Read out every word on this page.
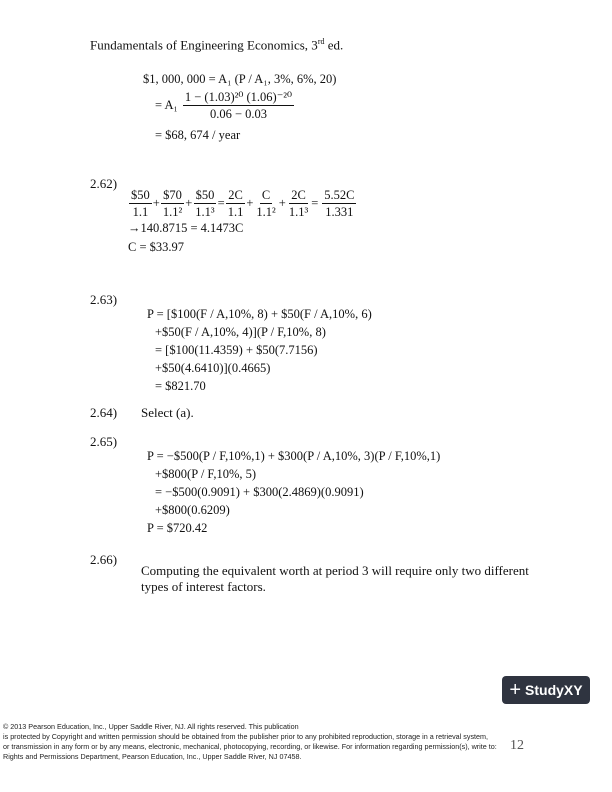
Fundamentals of Engineering Economics, 3rd ed.
$1, 000, 000 = A₁ (P / A₁, 3%, 6%, 20)
= $A_1 \frac{\text{1 − (1.03)²⁰ (1.06)⁻²⁰}}{0.06 - 0.03}$
= $68, 674 / year
2.62)
$\frac{\$50}{1.1} + \frac{\$70}{\text{1.1²}} + \frac{\$50}{\text{1.1³}} = \frac{2C}{1.1} + \frac{C}{\text{1.1²}} + \frac{2C}{\text{1.1³}} = \frac{5.52C}{1.331}$
→140.8715 = 4.1473C
C = $33.97
2.63)
P = [$100(F / A,10%, 8) + $50(F / A,10%, 6)
+$50(F / A,10%, 4)](P / F,10%, 8)
= [$100(11.4359) + $50(7.7156)
+$50(4.6410)](0.4665)
= $821.70
2.64) Select (a).
2.65)
P = −$500(P / F,10%,1) + $300(P / A,10%, 3)(P / F,10%,1)
+$800(P / F,10%, 5)
= −$500(0.9091) + $300(2.4869)(0.9091)
+$800(0.6209)
P = $720.42
2.66)
Computing the equivalent worth at period 3 will require only two different
types of interest factors.
+ StudyXY
© 2013 Pearson Education, Inc., Upper Saddle River, NJ. All rights reserved. This publication
is protected by Copyright and written permission should be obtained from the publisher prior to any prohibited reproduction, storage in a retrieval system,
or transmission in any form or by any means, electronic, mechanical, photocopying, recording, or likewise. For information regarding permission(s), write to:
Rights and Permissions Department, Pearson Education, Inc., Upper Saddle River, NJ 07458.
12
